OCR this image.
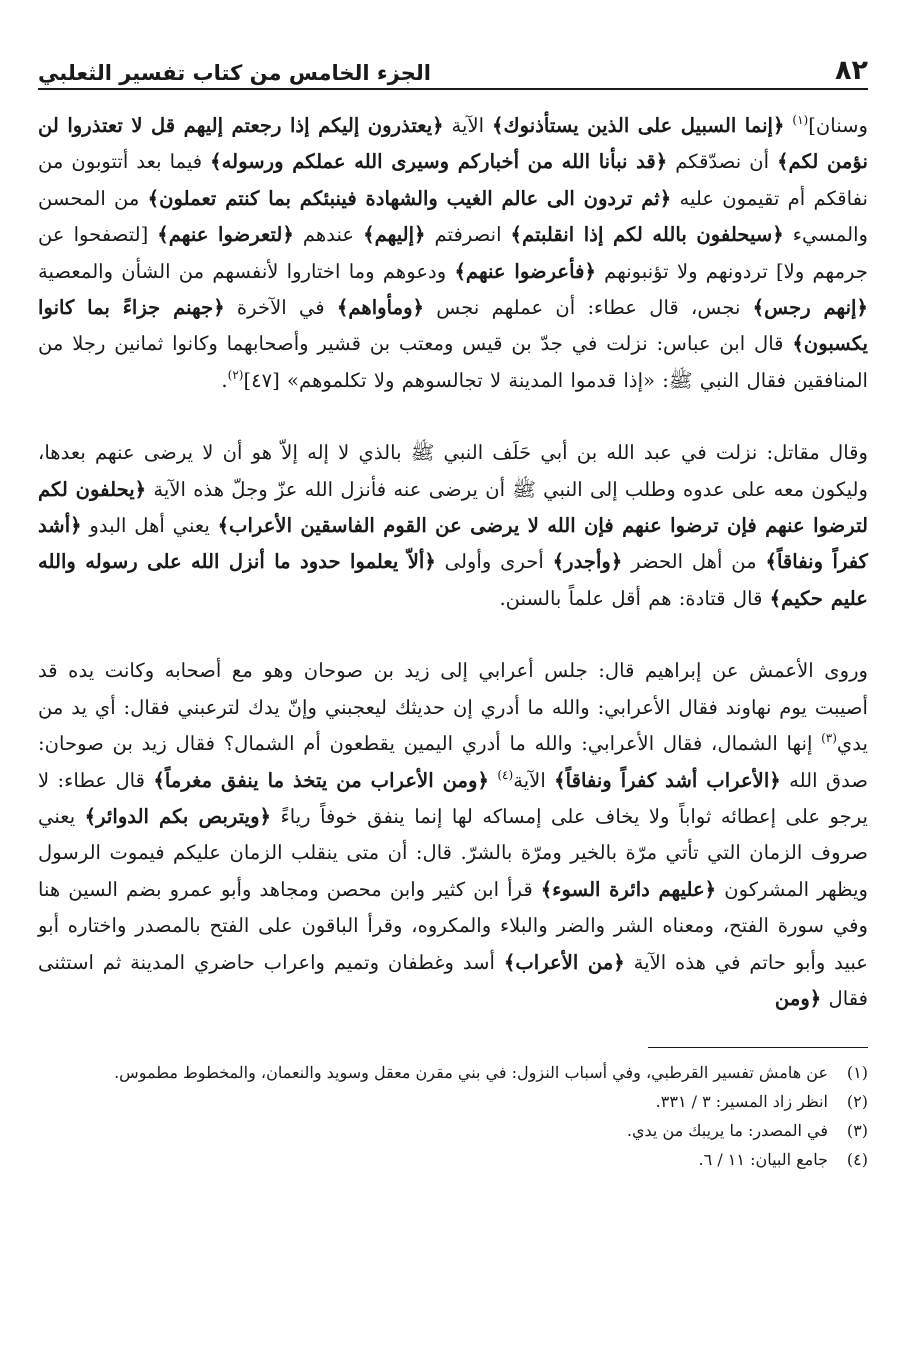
٨٢
الجزء الخامس من كتاب تفسير الثعلبي

وسنان]$^{(١)}$ ﴿إنما السبيل على الذين يستأذنوك﴾ الآية ﴿يعتذرون إليكم إذا رجعتم إليهم قل لا تعتذروا لن نؤمن لكم﴾ أن نصدّقكم ﴿قد نبأنا الله من أخباركم وسيرى الله عملكم ورسوله﴾ فيما بعد أتتوبون من نفاقكم أم تقيمون عليه ﴿ثم تردون الى عالم الغيب والشهادة فينبئكم بما كنتم تعملون﴾ من المحسن والمسيء ﴿سيحلفون بالله لكم إذا انقلبتم﴾ انصرفتم ﴿إليهم﴾ عندهم ﴿لتعرضوا عنهم﴾ [لتصفحوا عن جرمهم ولا] تردونهم ولا تؤنبونهم ﴿فأعرضوا عنهم﴾ ودعوهم وما اختاروا لأنفسهم من الشأن والمعصية ﴿إنهم رجس﴾ نجس، قال عطاء: أن عملهم نجس ﴿ومأواهم﴾ في الآخرة ﴿جهنم جزاءً بما كانوا يكسبون﴾ قال ابن عباس: نزلت في جدّ بن قيس ومعتب بن قشير وأصحابهما وكانوا ثمانين رجلا من المنافقين فقال النبي ﷺ: «إذا قدموا المدينة لا تجالسوهم ولا تكلموهم» [٤٧]$^{(٢)}$.

وقال مقاتل: نزلت في عبد الله بن أبي حَلَف النبي ﷺ بالذي لا إله إلاّ هو أن لا يرضى عنهم بعدها، وليكون معه على عدوه وطلب إلى النبي ﷺ أن يرضى عنه فأنزل الله عزّ وجلّ هذه الآية ﴿يحلفون لكم لترضوا عنهم فإن ترضوا عنهم فإن الله لا يرضى عن القوم الفاسقين الأعراب﴾ يعني أهل البدو ﴿أشد كفراً ونفاقاً﴾ من أهل الحضر ﴿وأجدر﴾ أحرى وأولى ﴿ألاّ يعلموا حدود ما أنزل الله على رسوله والله عليم حكيم﴾ قال قتادة: هم أقل علماً بالسنن.

وروى الأعمش عن إبراهيم قال: جلس أعرابي إلى زيد بن صوحان وهو مع أصحابه وكانت يده قد أصيبت يوم نهاوند فقال الأعرابي: والله ما أدري إن حديثك ليعجبني وإنّ يدك لترعبني فقال: أي يد من يدي$^{(٣)}$ إنها الشمال، فقال الأعرابي: والله ما أدري اليمين يقطعون أم الشمال؟ فقال زيد بن صوحان: صدق الله ﴿الأعراب أشد كفراً ونفاقاً﴾ الآية$^{(٤)}$ ﴿ومن الأعراب من يتخذ ما ينفق مغرماً﴾ قال عطاء: لا يرجو على إعطائه ثواباً ولا يخاف على إمساكه لها إنما ينفق خوفاً رياءً ﴿ويتربص بكم الدوائر﴾ يعني صروف الزمان التي تأتي مرّة بالخير ومرّة بالشرّ. قال: أن متى ينقلب الزمان عليكم فيموت الرسول ويظهر المشركون ﴿عليهم دائرة السوء﴾ قرأ ابن كثير وابن محصن ومجاهد وأبو عمرو بضم السين هنا وفي سورة الفتح، ومعناه الشر والضر والبلاء والمكروه، وقرأ الباقون على الفتح بالمصدر واختاره أبو عبيد وأبو حاتم في هذه الآية ﴿من الأعراب﴾ أسد وغطفان وتميم واعراب حاضري المدينة ثم استثنى فقال ﴿ومن

(١)
عن هامش تفسير القرطبي، وفي أسباب النزول: في بني مقرن معقل وسويد والنعمان، والمخطوط مطموس.
(٢)
انظر زاد المسير: ٣ / ٣٣١.
(٣)
في المصدر: ما يريبك من يدي.
(٤)
جامع البيان: ١١ / ٦.
